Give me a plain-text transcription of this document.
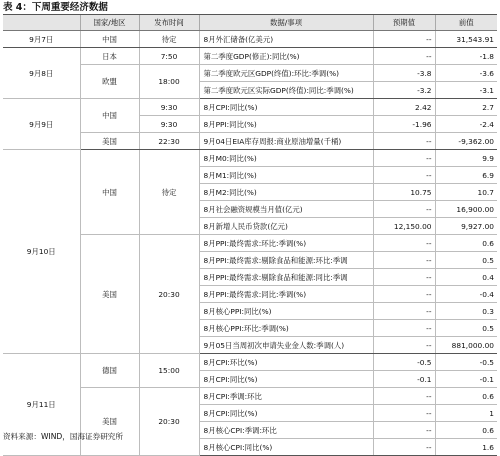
表 4：下周重要经济数据
	国家/地区	发布时间	数据/事项	预期值	前值
9月7日	中国	待定	8月外汇储备(亿美元)	--	31,543.91
9月8日	日本	7:50	第二季度GDP(修正):同比(%)	--	-1.8
	欧盟	18:00	第二季度欧元区GDP(终值):环比:季调(%)	-3.8	-3.6
			第二季度欧元区实际GDP(终值):同比:季调(%)	-3.2	-3.1
9月9日	中国	9:30	8月CPI:同比(%)	2.42	2.7
		9:30	8月PPI:同比(%)	-1.96	-2.4
	美国	22:30	9月04日EIA库存周报:商业原油增量(千桶)	--	-9,362.00
9月10日	中国	待定	8月M0:同比(%)	--	9.9
			8月M1:同比(%)	--	6.9
			8月M2:同比(%)	10.75	10.7
			8月社会融资规模当月值(亿元)	--	16,900.00
			8月新增人民币贷款(亿元)	12,150.00	9,927.00
	美国	20:30	8月PPI:最终需求:环比:季调(%)	--	0.6
			8月PPI:最终需求:剔除食品和能源:环比:季调	--	0.5
			8月PPI:最终需求:剔除食品和能源:同比:季调	--	0.4
			8月PPI:最终需求:同比:季调(%)	--	-0.4
			8月核心PPI:同比(%)	--	0.3
			8月核心PPI:环比:季调(%)	--	0.5
			9月05日当周初次申请失业金人数:季调(人)	--	881,000.00
9月11日	德国	15:00	8月CPI:环比(%)	-0.5	-0.5
			8月CPI:同比(%)	-0.1	-0.1
	美国	20:30	8月CPI:季调:环比	--	0.6
			8月CPI:同比(%)	--	1
			8月核心CPI:季调:环比	--	0.6
			8月核心CPI:同比(%)	--	1.6
资料来源：WIND，国海证券研究所
